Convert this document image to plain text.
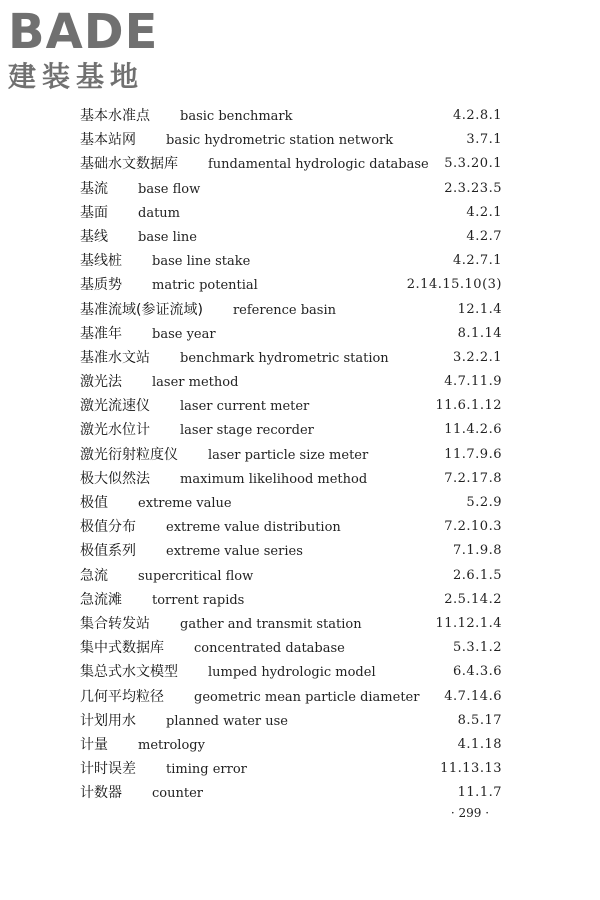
BADE
建装基地
基本水准点 basic benchmark	4.2.8.1
基本站网 basic hydrometric station network	3.7.1
基础水文数据库 fundamental hydrologic database 5.3.20.1
基流 base flow	2.3.23.5
基面 datum	4.2.1
基线 base line	4.2.7
基线桩 base line stake	4.2.7.1
基质势 matric potential	2.14.15.10(3)
基准流域(参证流域) reference basin	12.1.4
基准年 base year	8.1.14
基准水文站 benchmark hydrometric station	3.2.2.1
激光法 laser method	4.7.11.9
激光流速仪 laser current meter	11.6.1.12
激光水位计 laser stage recorder	11.4.2.6
激光衍射粒度仪 laser particle size meter	11.7.9.6
极大似然法 maximum likelihood method	7.2.17.8
极值 extreme value	5.2.9
极值分布 extreme value distribution	7.2.10.3
极值系列 extreme value series	7.1.9.8
急流 supercritical flow	2.6.1.5
急流滩 torrent rapids	2.5.14.2
集合转发站 gather and transmit station	11.12.1.4
集中式数据库 concentrated database	5.3.1.2
集总式水文模型 lumped hydrologic model	6.4.3.6
几何平均粒径 geometric mean particle diameter 4.7.14.6
计划用水 planned water use	8.5.17
计量 metrology	4.1.18
计时误差 timing error	11.13.13
计数器 counter	11.1.7
· 299 ·
